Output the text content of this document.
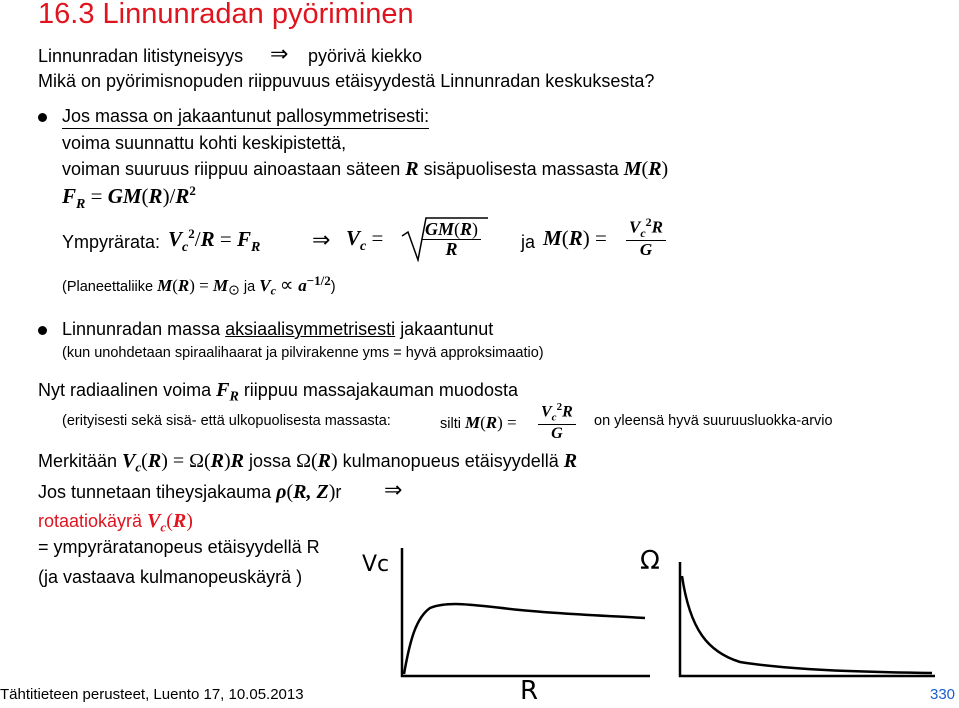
16.3 Linnunradan pyöriminen
Linnunradan litistyneisyys ⇒ pyörivä kiekko
Mikä on pyörimisnopuden riippuvuus etäisyydestä Linnunradan keskuksesta?
Jos massa on jakaantunut pallosymmetrisesti:
voima suunnattu kohti keskipistettä,
voiman suuruus riippuu ainoastaan säteen R sisäpuolisesta massasta M(R)
$F_R = GM(R)/R^2$
Ympyrärata: $V_c^2/R = F_R$ ⇒ $V_c = \frac{GM(R)}{R}$ ja $M(R) = \frac{V_c^2R}{G}$
(Planeettaliike $M(R) = M_⊙$ ja $V_c \propto a^{-1/2}$)
Linnunradan massa aksiaalisymmetrisesti jakaantunut
(kun unohdetaan spiraalihaarat ja pilvirakenne yms = hyvä approksimaatio)
Nyt radiaalinen voima $F_R$ riippuu massajakauman muodosta
(erityisesti sekä sisä- että ulkopuolisesta massasta:	silti $M(R) = \frac{V_c^2R}{G}$ on yleensä hyvä suuruusluokka-arvio
Merkitään $V_c(R) = \Omega(R)R$ jossa Ω(R) kulmanopueus etäisyydellä R
Jos tunnetaan tiheysjakauma ρ(R, Z)r ⇒
rotaatiokäyrä $V_c(R)$
= ympyräratanopeus etäisyydellä R
(ja vastaava kulmanopeuskäyrä )	Vc	Ω
R
Tähtitieteen perusteet, Luento 17, 10.05.2013	330
